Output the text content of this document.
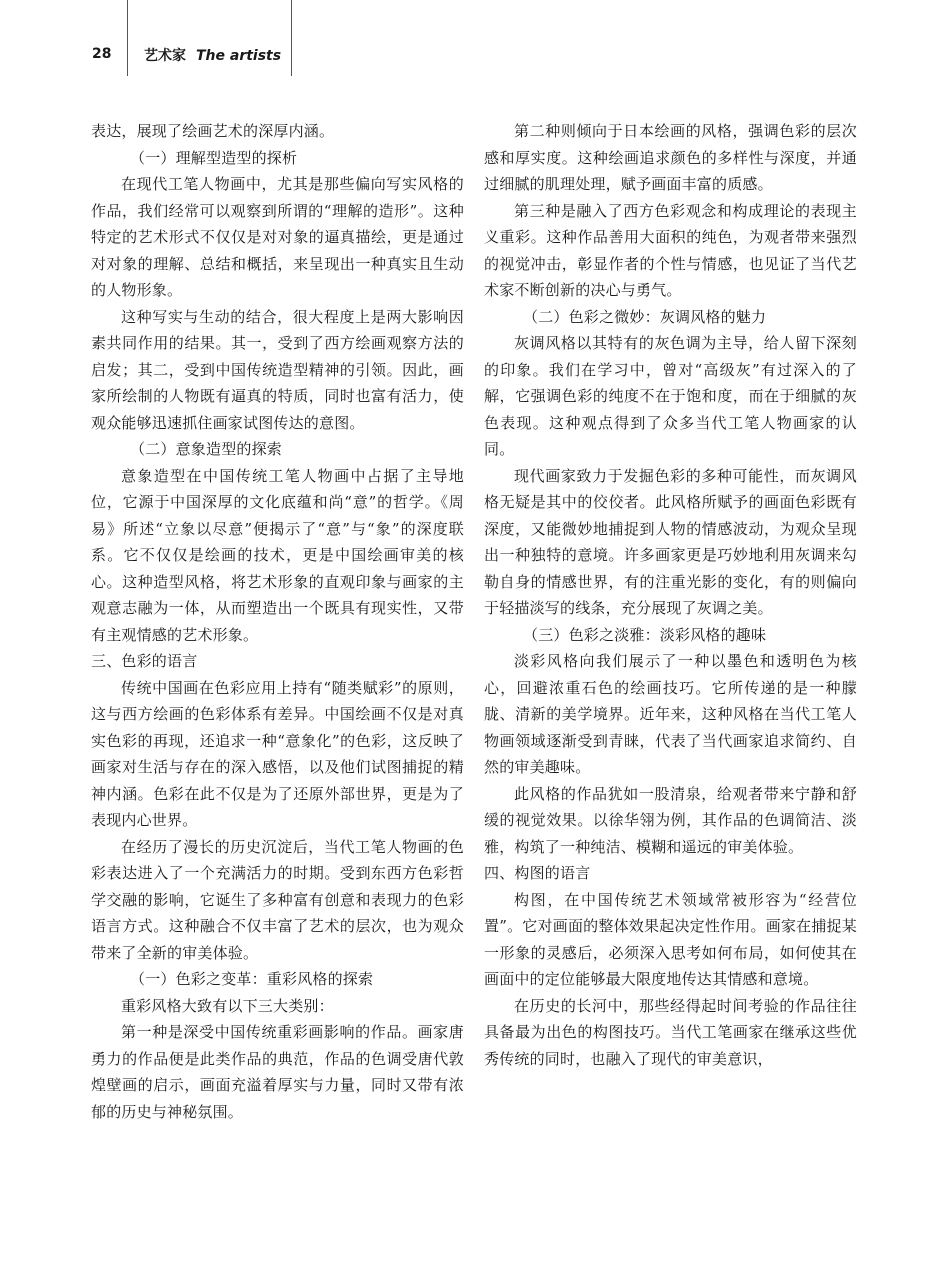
28 艺术家 The artists

表达，展现了绘画艺术的深厚内涵。

（一）理解型造型的探析

在现代工笔人物画中，尤其是那些偏向写实风格的作品，我们经常可以观察到所谓的“理解的造形”。这种特定的艺术形式不仅仅是对对象的逼真描绘，更是通过对对象的理解、总结和概括，来呈现出一种真实且生动的人物形象。

这种写实与生动的结合，很大程度上是两大影响因素共同作用的结果。其一，受到了西方绘画观察方法的启发；其二，受到中国传统造型精神的引领。因此，画家所绘制的人物既有逼真的特质，同时也富有活力，使观众能够迅速抓住画家试图传达的意图。

（二）意象造型的探索

意象造型在中国传统工笔人物画中占据了主导地位，它源于中国深厚的文化底蕴和尚“意”的哲学。《周易》所述“立象以尽意”便揭示了“意”与“象”的深度联系。它不仅仅是绘画的技术，更是中国绘画审美的核心。这种造型风格，将艺术形象的直观印象与画家的主观意志融为一体，从而塑造出一个既具有现实性，又带有主观情感的艺术形象。

三、色彩的语言

传统中国画在色彩应用上持有“随类赋彩”的原则，这与西方绘画的色彩体系有差异。中国绘画不仅是对真实色彩的再现，还追求一种“意象化”的色彩，这反映了画家对生活与存在的深入感悟，以及他们试图捕捉的精神内涵。色彩在此不仅是为了还原外部世界，更是为了表现内心世界。

在经历了漫长的历史沉淀后，当代工笔人物画的色彩表达进入了一个充满活力的时期。受到东西方色彩哲学交融的影响，它诞生了多种富有创意和表现力的色彩语言方式。这种融合不仅丰富了艺术的层次，也为观众带来了全新的审美体验。

（一）色彩之变革：重彩风格的探索

重彩风格大致有以下三大类别：

第一种是深受中国传统重彩画影响的作品。画家唐勇力的作品便是此类作品的典范，作品的色调受唐代敦煌壁画的启示，画面充溢着厚实与力量，同时又带有浓郁的历史与神秘氛围。

第二种则倾向于日本绘画的风格，强调色彩的层次感和厚实度。这种绘画追求颜色的多样性与深度，并通过细腻的肌理处理，赋予画面丰富的质感。

第三种是融入了西方色彩观念和构成理论的表现主义重彩。这种作品善用大面积的纯色，为观者带来强烈的视觉冲击，彰显作者的个性与情感，也见证了当代艺术家不断创新的决心与勇气。

（二）色彩之微妙：灰调风格的魅力

灰调风格以其特有的灰色调为主导，给人留下深刻的印象。我们在学习中，曾对“高级灰”有过深入的了解，它强调色彩的纯度不在于饱和度，而在于细腻的灰色表现。这种观点得到了众多当代工笔人物画家的认同。

现代画家致力于发掘色彩的多种可能性，而灰调风格无疑是其中的佼佼者。此风格所赋予的画面色彩既有深度，又能微妙地捕捉到人物的情感波动，为观众呈现出一种独特的意境。许多画家更是巧妙地利用灰调来勾勒自身的情感世界，有的注重光影的变化，有的则偏向于轻描淡写的线条，充分展现了灰调之美。

（三）色彩之淡雅：淡彩风格的趣味

淡彩风格向我们展示了一种以墨色和透明色为核心，回避浓重石色的绘画技巧。它所传递的是一种朦胧、清新的美学境界。近年来，这种风格在当代工笔人物画领域逐渐受到青睐，代表了当代画家追求简约、自然的审美趣味。

此风格的作品犹如一股清泉，给观者带来宁静和舒缓的视觉效果。以徐华翎为例，其作品的色调简洁、淡雅，构筑了一种纯洁、模糊和遥远的审美体验。

四、构图的语言

构图，在中国传统艺术领域常被形容为“经营位置”。它对画面的整体效果起决定性作用。画家在捕捉某一形象的灵感后，必须深入思考如何布局，如何使其在画面中的定位能够最大限度地传达其情感和意境。

在历史的长河中，那些经得起时间考验的作品往往具备最为出色的构图技巧。当代工笔画家在继承这些优秀传统的同时，也融入了现代的审美意识，
